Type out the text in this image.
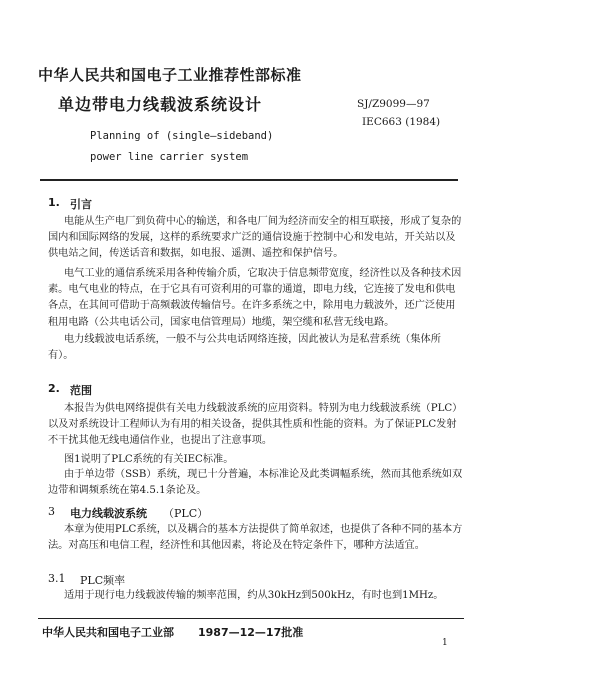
中华人民共和国电子工业推荐性部标准
单边带电力线载波系统设计	SJ/Z9099—97
IEC663 (1984)
Planning of (single–sideband)
power line carrier system
1. 引言
电能从生产电厂到负荷中心的输送，和各电厂间为经济而安全的相互联接，形成了复杂的国内和国际网络的发展，这样的系统要求广泛的通信设施于控制中心和发电站，开关站以及供电站之间，传送话音和数据，如电报、遥测、遥控和保护信号。
电气工业的通信系统采用各种传输介质，它取决于信息频带宽度，经济性以及各种技术因素。电气电业的特点，在于它具有可资利用的可靠的通道，即电力线，它连接了发电和供电各点，在其间可借助于高频载波传输信号。在许多系统之中，除用电力载波外，还广泛使用租用电路（公共电话公司，国家电信管理局）地缆，架空缆和私营无线电路。
电力线载波电话系统，一般不与公共电话网络连接，因此被认为是私营系统（集体所有）。
2. 范围
本报告为供电网络提供有关电力线载波系统的应用资料。特别为电力线载波系统（PLC）以及对系统设计工程师认为有用的相关设备，提供其性质和性能的资料。为了保证PLC发射不干扰其他无线电通信作业，也提出了注意事项。
图1说明了PLC系统的有关IEC标准。
由于单边带（SSB）系统，现已十分普遍，本标准论及此类调幅系统，然而其他系统如双边带和调频系统在第4.5.1条论及。
3 电力线载波系统 （PLC）
本章为使用PLC系统，以及耦合的基本方法提供了简单叙述，也提供了各种不同的基本方法。对高压和电信工程，经济性和其他因素，将论及在特定条件下，哪种方法适宜。
3.1 PLC频率
适用于现行电力线载波传输的频率范围，约从30kHz到500kHz，有时也到1MHz。
中华人民共和国电子工业部 1987—12—17批准
1
